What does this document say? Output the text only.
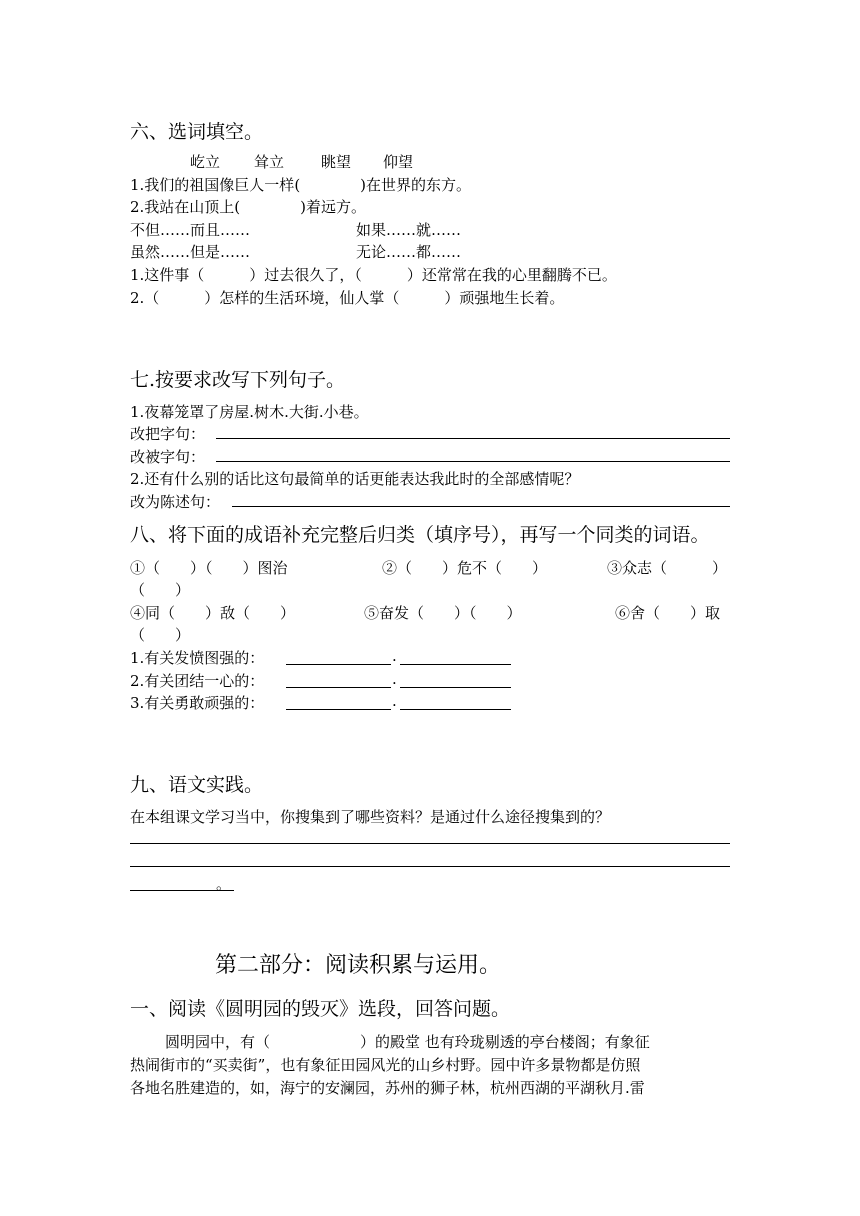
六、选词填空。
屹立 耸立 眺望 仰望
1.我们的祖国像巨人一样(　　　　)在世界的东方。
2.我站在山顶上(　　　　)着远方。
不但……而且……	如果……就……
虽然……但是……	无论……都……
1.这件事（　　　）过去很久了，（　　　）还常常在我的心里翻腾不已。
2.（　　　）怎样的生活环境，仙人掌（　　　）顽强地生长着。
七.按要求改写下列句子。
1.夜幕笼罩了房屋.树木.大街.小巷。
改把字句：
改被字句：
2.还有什么别的话比这句最简单的话更能表达我此时的全部感情呢？
改为陈述句：
八、将下面的成语补充完整后归类（填序号），再写一个同类的词语。
①（　　）（　　）图治	②（　　）危不（　　）	③众志（　　　）
（　　）
④同（　　）敌（　　）	⑤奋发（　　）（　　）	⑥舍（　　）取
（　　）
1.有关发愤图强的：	.
2.有关团结一心的：	.
3.有关勇敢顽强的：	.
九、语文实践。
在本组课文学习当中，你搜集到了哪些资料？是通过什么途径搜集到的？
。
第二部分：阅读积累与运用。
一、阅读《圆明园的毁灭》选段，回答问题。
圆明园中，有（　　　　　　）的殿堂 也有玲珑剔透的亭台楼阁；有象征
热闹街市的“买卖街”，也有象征田园风光的山乡村野。园中许多景物都是仿照
各地名胜建造的，如，海宁的安澜园，苏州的狮子林，杭州西湖的平湖秋月.雷
